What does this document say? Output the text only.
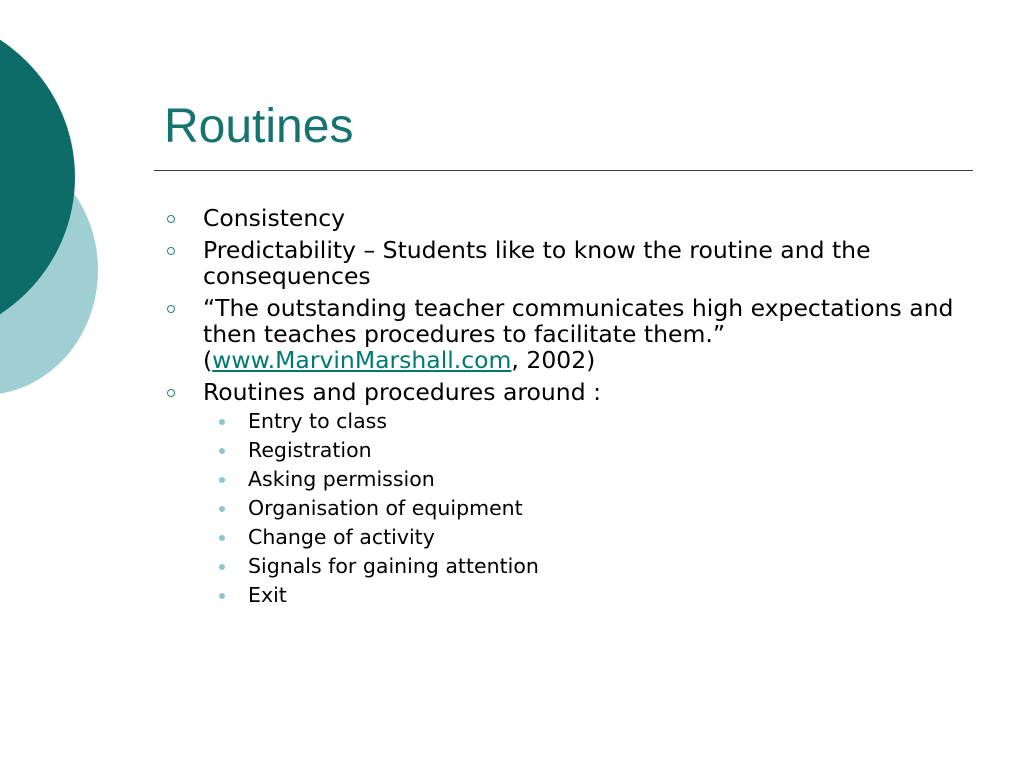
Routines
Consistency
Predictability – Students like to know the routine and the consequences
“The outstanding teacher communicates high expectations and then teaches procedures to facilitate them.” (www.MarvinMarshall.com, 2002)
Routines and procedures around :
Entry to class
Registration
Asking permission
Organisation of equipment
Change of activity
Signals for gaining attention
Exit
